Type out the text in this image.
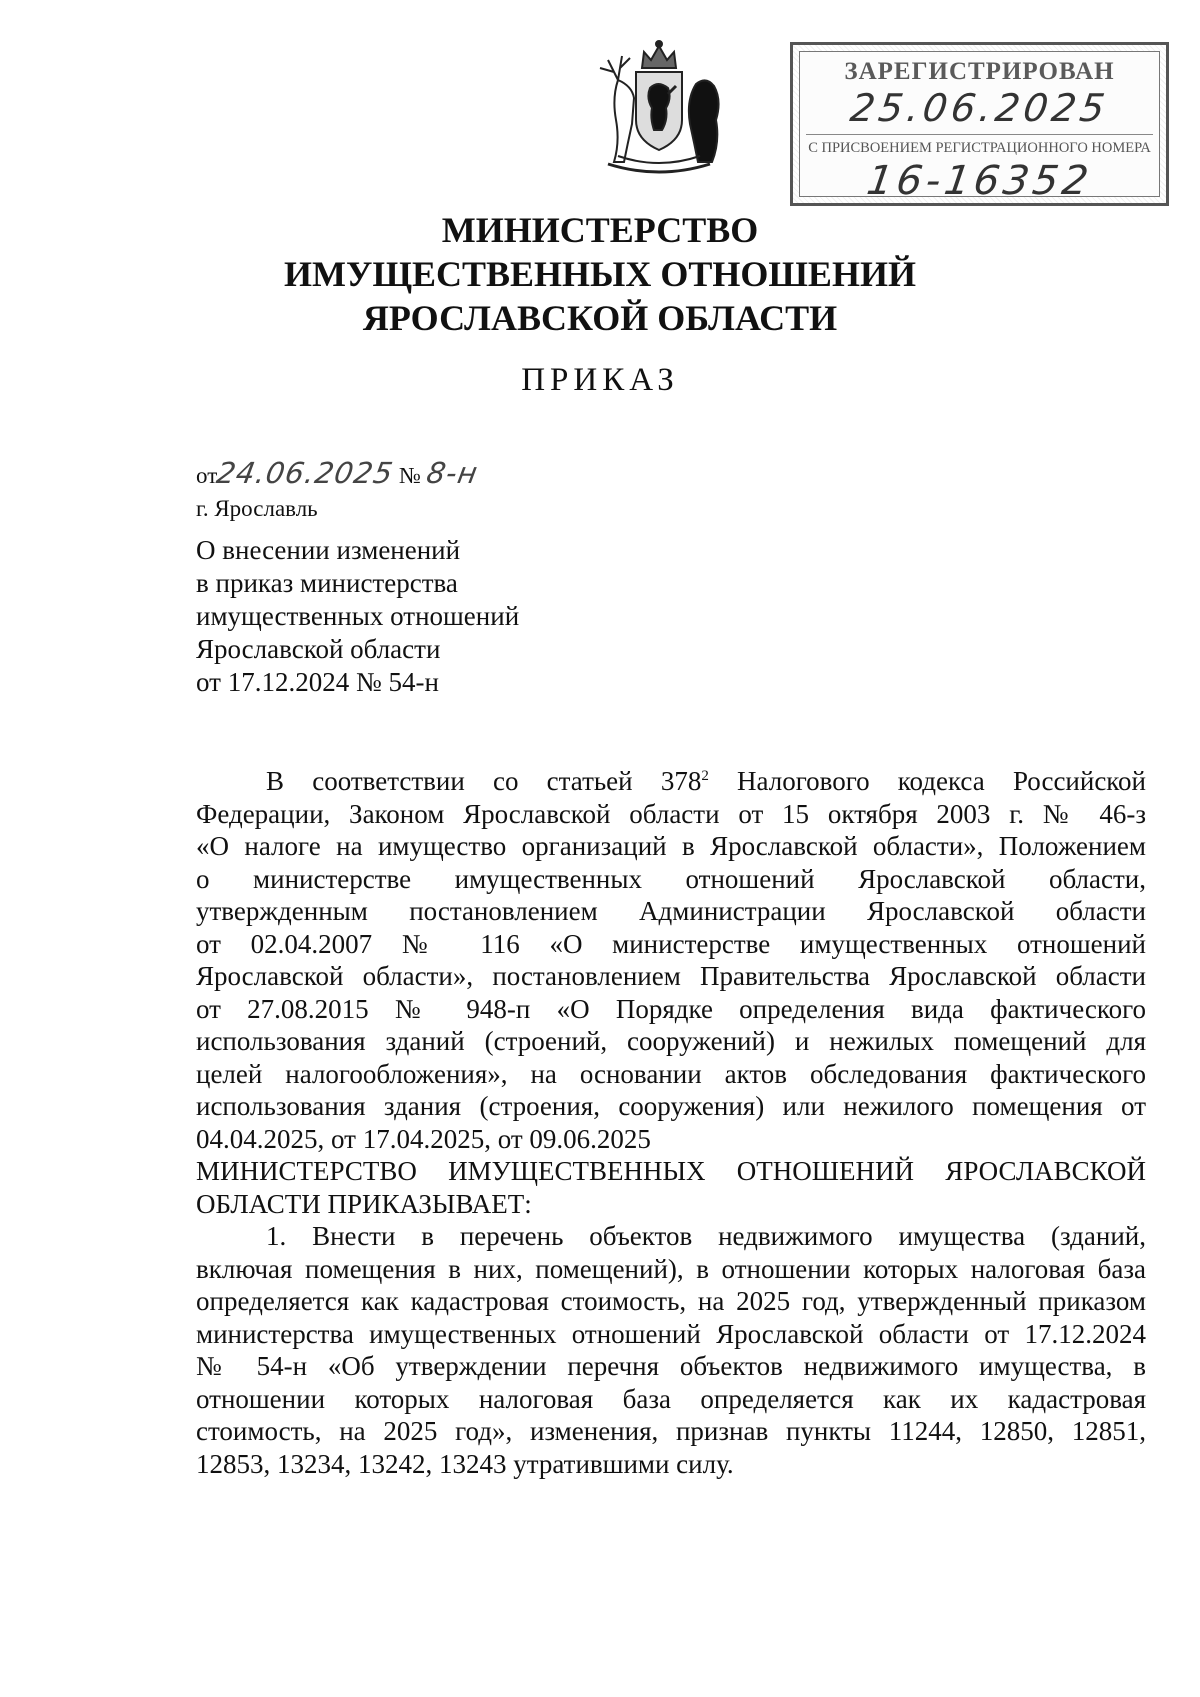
ЗАРЕГИСТРИРОВАН
25.06.2025
С ПРИСВОЕНИЕМ РЕГИСТРАЦИОННОГО НОМЕРА
16-16352
МИНИСТЕРСТВО
ИМУЩЕСТВЕННЫХ ОТНОШЕНИЙ
ЯРОСЛАВСКОЙ ОБЛАСТИ
ПРИКАЗ
от24.06.2025 № 8-н
г. Ярославль
О внесении изменений
в приказ министерства
имущественных отношений
Ярославской области
от 17.12.2024 № 54-н
В соответствии со статьей $378^2$ Налогового кодекса Российской
Федерации, Законом Ярославской области от 15 октября 2003 г. № 46-з
«О налоге на имущество организаций в Ярославской области», Положением
о министерстве имущественных отношений Ярославской области,
утвержденным постановлением Администрации Ярославской области
от 02.04.2007 № 116 «О министерстве имущественных отношений
Ярославской области», постановлением Правительства Ярославской области
от 27.08.2015 № 948-п «О Порядке определения вида фактического
использования зданий (строений, сооружений) и нежилых помещений для
целей налогообложения», на основании актов обследования фактического
использования здания (строения, сооружения) или нежилого помещения от
04.04.2025, от 17.04.2025, от 09.06.2025
МИНИСТЕРСТВО ИМУЩЕСТВЕННЫХ ОТНОШЕНИЙ ЯРОСЛАВСКОЙ
ОБЛАСТИ ПРИКАЗЫВАЕТ:
1. Внести в перечень объектов недвижимого имущества (зданий,
включая помещения в них, помещений), в отношении которых налоговая база
определяется как кадастровая стоимость, на 2025 год, утвержденный приказом
министерства имущественных отношений Ярославской области от 17.12.2024
№ 54-н «Об утверждении перечня объектов недвижимого имущества, в
отношении которых налоговая база определяется как их кадастровая
стоимость, на 2025 год», изменения, признав пункты 11244, 12850, 12851,
12853, 13234, 13242, 13243 утратившими силу.
